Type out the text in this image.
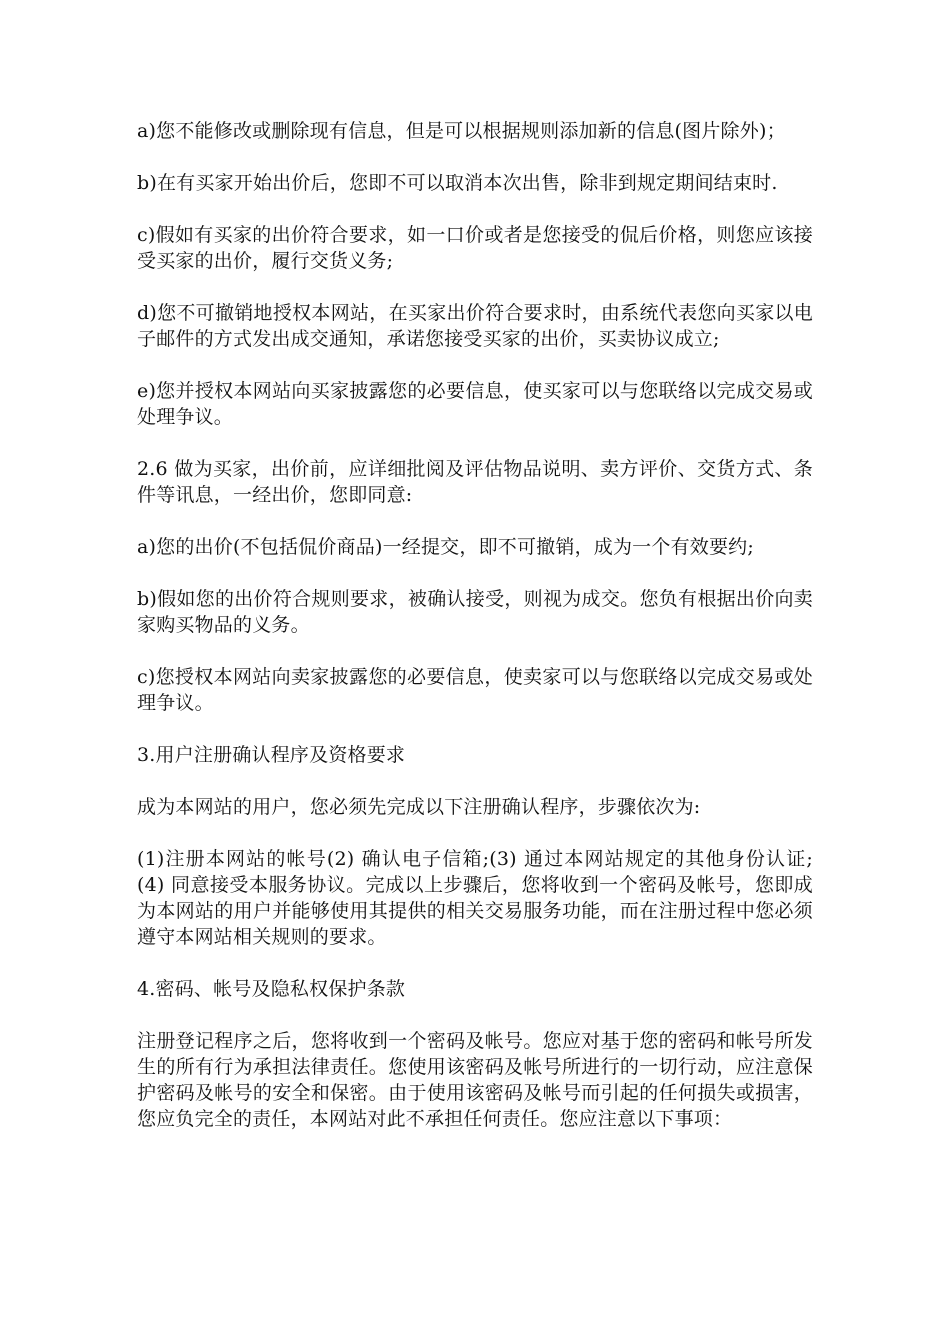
a)您不能修改或删除现有信息，但是可以根据规则添加新的信息(图片除外)；

b)在有买家开始出价后，您即不可以取消本次出售，除非到规定期间结束时.

c)假如有买家的出价符合要求，如一口价或者是您接受的侃后价格，则您应该接受买家的出价，履行交货义务;

d)您不可撤销地授权本网站，在买家出价符合要求时，由系统代表您向买家以电子邮件的方式发出成交通知，承诺您接受买家的出价，买卖协议成立;

e)您并授权本网站向买家披露您的必要信息，使买家可以与您联络以完成交易或处理争议。

2.6 做为买家，出价前，应详细批阅及评估物品说明、卖方评价、交货方式、条件等讯息，一经出价，您即同意:

a)您的出价(不包括侃价商品)一经提交，即不可撤销，成为一个有效要约;

b)假如您的出价符合规则要求，被确认接受，则视为成交。您负有根据出价向卖家购买物品的义务。

c)您授权本网站向卖家披露您的必要信息，使卖家可以与您联络以完成交易或处理争议。

3.用户注册确认程序及资格要求

成为本网站的用户，您必须先完成以下注册确认程序，步骤依次为:

(1)注册本网站的帐号(2) 确认电子信箱;(3) 通过本网站规定的其他身份认证; (4) 同意接受本服务协议。完成以上步骤后，您将收到一个密码及帐号，您即成为本网站的用户并能够使用其提供的相关交易服务功能，而在注册过程中您必须遵守本网站相关规则的要求。

4.密码、帐号及隐私权保护条款

注册登记程序之后，您将收到一个密码及帐号。您应对基于您的密码和帐号所发生的所有行为承担法律责任。您使用该密码及帐号所进行的一切行动，应注意保护密码及帐号的安全和保密。由于使用该密码及帐号而引起的任何损失或损害，您应负完全的责任，本网站对此不承担任何责任。您应注意以下事项：
